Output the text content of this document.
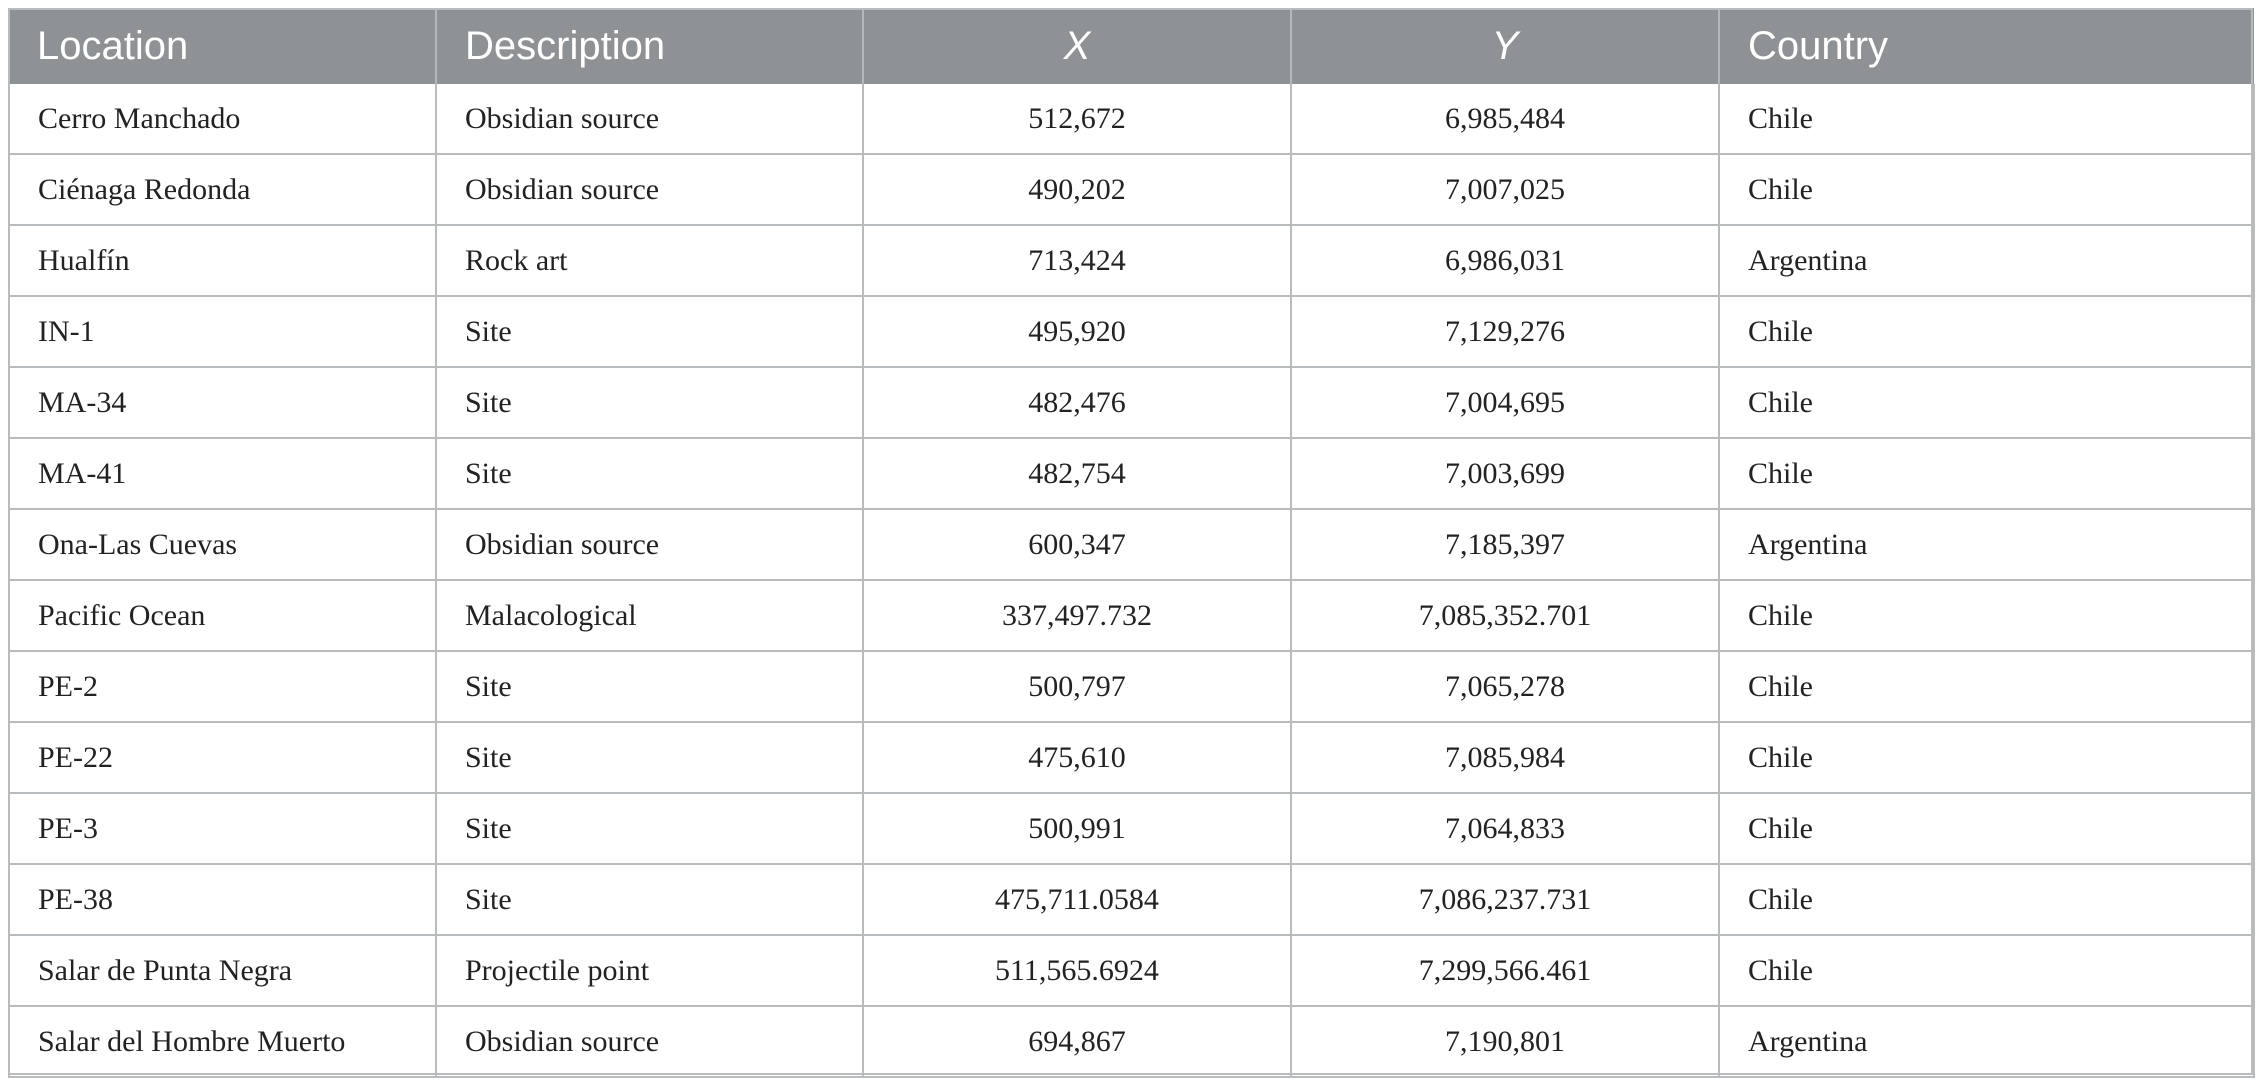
Location	Description	X	Y	Country
Cerro Manchado	Obsidian source	512,672	6,985,484	Chile
Ciénaga Redonda	Obsidian source	490,202	7,007,025	Chile
Hualfín	Rock art	713,424	6,986,031	Argentina
IN-1	Site	495,920	7,129,276	Chile
MA-34	Site	482,476	7,004,695	Chile
MA-41	Site	482,754	7,003,699	Chile
Ona-Las Cuevas	Obsidian source	600,347	7,185,397	Argentina
Pacific Ocean	Malacological	337,497.732	7,085,352.701	Chile
PE-2	Site	500,797	7,065,278	Chile
PE-22	Site	475,610	7,085,984	Chile
PE-3	Site	500,991	7,064,833	Chile
PE-38	Site	475,711.0584	7,086,237.731	Chile
Salar de Punta Negra	Projectile point	511,565.6924	7,299,566.461	Chile
Salar del Hombre Muerto	Obsidian source	694,867	7,190,801	Argentina
